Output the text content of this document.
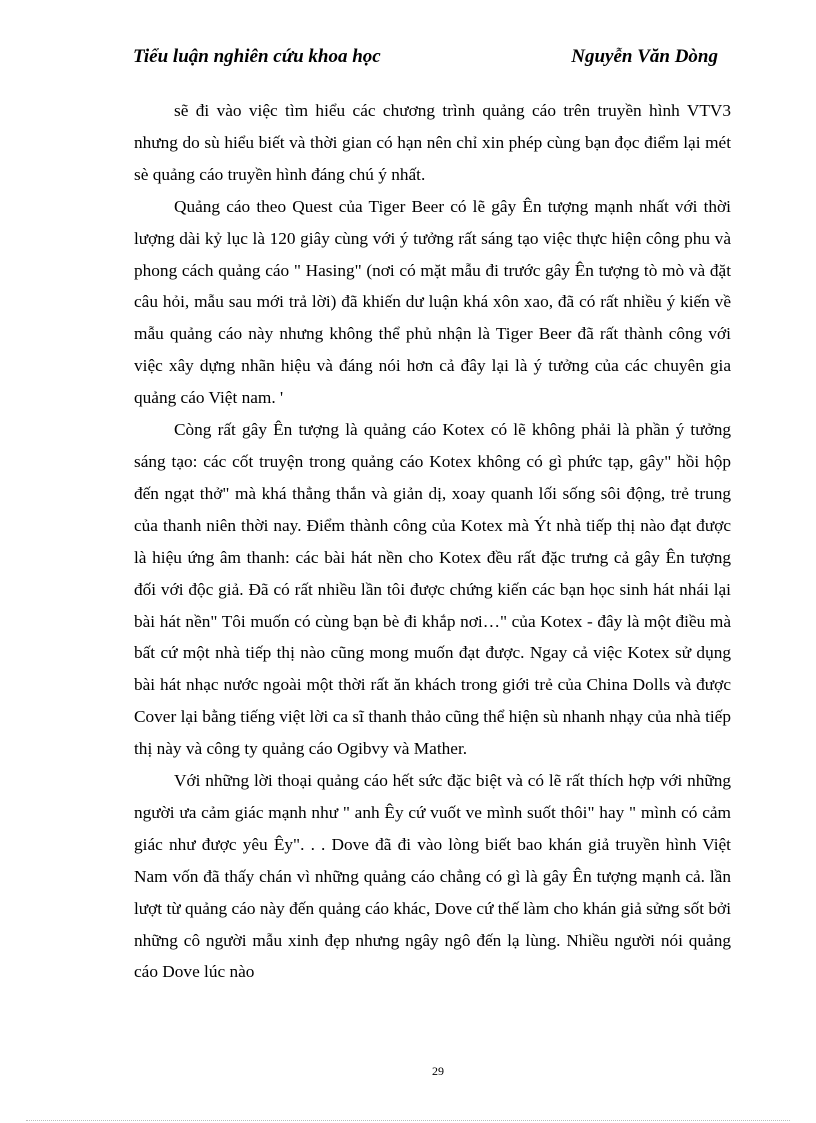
Tiểu luận nghiên cứu khoa học	Nguyễn Văn Dòng

sẽ đi vào việc tìm hiểu các chương trình quảng cáo trên truyền hình VTV3 nhưng do sù hiểu biết và thời gian có hạn nên chỉ xin phép cùng bạn đọc điểm lại mét sè quảng cáo truyền hình đáng chú ý nhất.

Quảng cáo theo Quest của Tiger Beer có lẽ gây Ên tượng mạnh nhất với thời lượng dài kỷ lục là 120 giây cùng với ý tưởng rất sáng tạo việc thực hiện công phu và phong cách quảng cáo " Hasing" (nơi có mặt mẫu đi trước gây Ên tượng tò mò và đặt câu hỏi, mẫu sau mới trả lời) đã khiến dư luận khá xôn xao, đã có rất nhiều ý kiến về mẫu quảng cáo này nhưng không thể phủ nhận là Tiger Beer đã rất thành công với việc xây dựng nhãn hiệu và đáng nói hơn cả đây lại là ý tưởng của các chuyên gia quảng cáo Việt nam. '

Còng rất gây Ên tượng là quảng cáo Kotex có lẽ không phải là phần ý tưởng sáng tạo: các cốt truyện trong quảng cáo Kotex không có gì phức tạp, gây" hồi hộp đến ngạt thở" mà khá thẳng thắn và giản dị, xoay quanh lối sống sôi động, trẻ trung của thanh niên thời nay. Điểm thành công của Kotex mà Ýt nhà tiếp thị nào đạt được là hiệu ứng âm thanh: các bài hát nền cho Kotex đều rất đặc trưng cả gây Ên tượng đối với độc giả. Đã có rất nhiều lần tôi được chứng kiến các bạn học sinh hát nhái lại bài hát nền" Tôi muốn có cùng bạn bè đi khắp nơi…" của Kotex - đây là một điều mà bất cứ một nhà tiếp thị nào cũng mong muốn đạt được. Ngay cả việc Kotex sử dụng bài hát nhạc nước ngoài một thời rất ăn khách trong giới trẻ của China Dolls và được Cover lại bằng tiếng việt lời ca sĩ thanh thảo cũng thể hiện sù nhanh nhạy của nhà tiếp thị này và công ty quảng cáo Ogibvy và Mather.

Với những lời thoại quảng cáo hết sức đặc biệt và có lẽ rất thích hợp với những người ưa cảm giác mạnh như " anh Êy cứ vuốt ve mình suốt thôi" hay " mình có cảm giác như được yêu Êy". . . Dove đã đi vào lòng biết bao khán giả truyền hình Việt Nam vốn đã thấy chán vì những quảng cáo chẳng có gì là gây Ên tượng mạnh cả. lần lượt từ quảng cáo này đến quảng cáo khác, Dove cứ thế làm cho khán giả sửng sốt bởi những cô người mẫu xinh đẹp nhưng ngây ngô đến lạ lùng. Nhiều người nói quảng cáo Dove lúc nào

29
